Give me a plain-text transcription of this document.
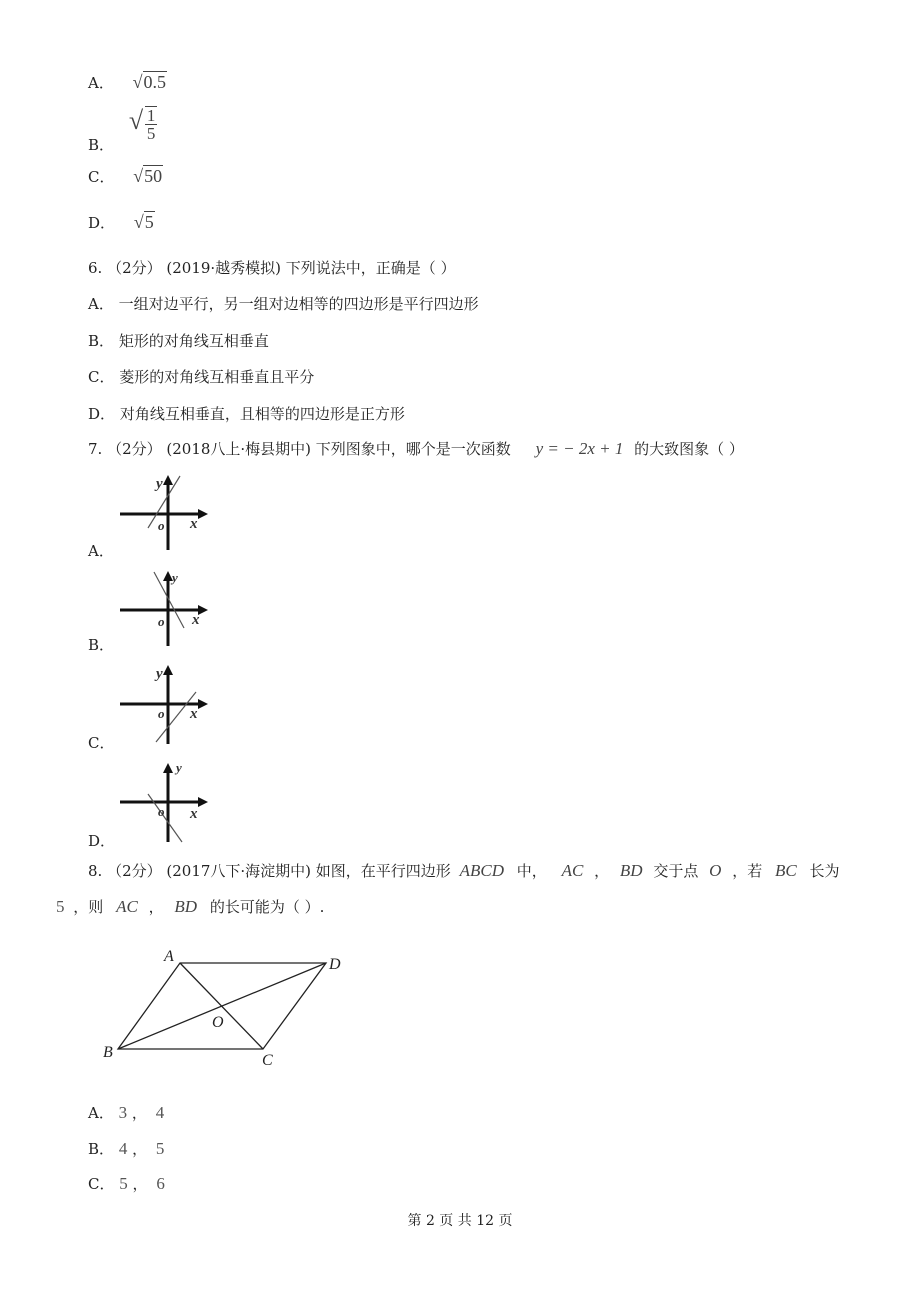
A． √0.5
B． √ $\frac{1}{5}$
C． √50
D． √5
6. （2分） (2019·越秀模拟) 下列说法中，正确是（ ）
A． 一组对边平行，另一组对边相等的四边形是平行四边形
B． 矩形的对角线互相垂直
C． 菱形的对角线互相垂直且平分
D． 对角线互相垂直，且相等的四边形是正方形
7. （2分） (2018八上·梅县期中) 下列图象中，哪个是一次函数 y = − 2x + 1 的大致图象（ ）
A．
y
x
o
B．
y
x
o
C．
y
x
o
D．
y
x
o
8. （2分） (2017八下·海淀期中) 如图，在平行四边形 ABCD 中， AC ， BD 交于点 O ，若 BC 长为
5 ，则 AC ， BD 的长可能为（ ）.
A	D
B	C
O
A． 3 ， 4
B． 4 ， 5
C． 5 ， 6
第 2 页 共 12 页
